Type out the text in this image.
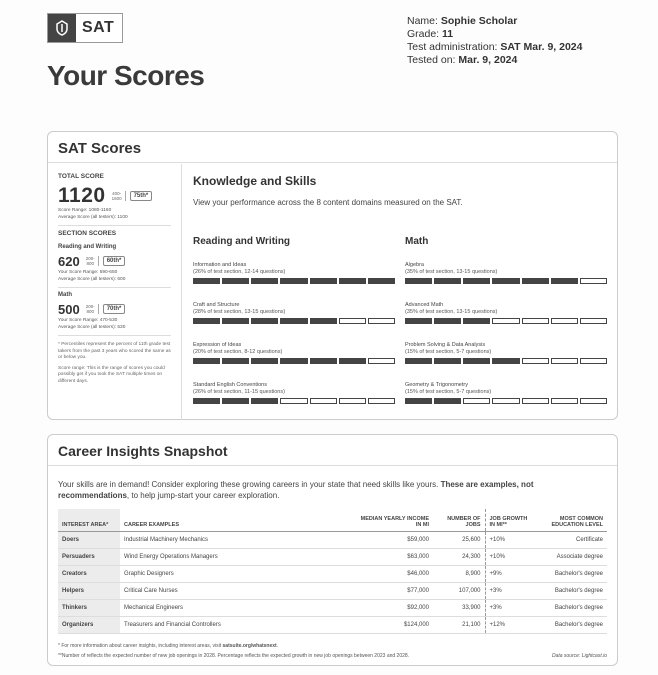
SAT	Name: Sophie Scholar
Grade: 11
Test administration: SAT Mar. 9, 2024
Tested on: Mar. 9, 2024
Your Scores
SAT Scores
TOTAL SCORE
1120 400-
1600	75th*
Score Range: 1080-1160
Average Score (all testers): 1100
SECTION SCORES
Reading and Writing
620 200-
800	60th*
Your Score Range: 590-650
Average Score (all testers): 600
Math
500 200-
800	70th*
Your Score Range: 470-530
Average Score (all testers): 530
* Percentiles represent the percent of 11th grade test takers from the past 3 years who scored the same as or below you.
Score range: This is the range of scores you could possibly get if you took the SAT multiple times on different days.
Knowledge and Skills
View your performance across the 8 content domains measured on the SAT.
Reading and Writing	Math
Information and Ideas
(26% of test section, 12-14 questions)
Craft and Structure
(28% of test section, 13-15 questions)
Expression of Ideas
(20% of test section, 8-12 questions)
Standard English Conventions
(26% of test section, 11-15 questions)
Algebra
(35% of test section, 13-15 questions)
Advanced Math
(35% of test section, 13-15 questions)
Problem Solving & Data Analysis
(15% of test section, 5-7 questions)
Geometry & Trigonometry
(15% of test section, 5-7 questions)
Career Insights Snapshot
Your skills are in demand! Consider exploring these growing careers in your state that need skills like yours. These are examples, not recommendations, to help jump-start your career exploration.
INTEREST AREA*	CAREER EXAMPLES	MEDIAN YEARLY INCOME IN MI	NUMBER OF JOBS	JOB GROWTH IN MI**	MOST COMMON EDUCATION LEVEL
Doers	Industrial Machinery Mechanics	$59,000	25,600	+10%	Certificate
Persuaders	Wind Energy Operations Managers	$63,000	24,300	+10%	Associate degree
Creators	Graphic Designers	$46,000	8,900	+9%	Bachelor's degree
Helpers	Critical Care Nurses	$77,000	107,000	+3%	Bachelor's degree
Thinkers	Mechanical Engineers	$92,000	33,900	+3%	Bachelor's degree
Organizers	Treasurers and Financial Controllers	$124,000	21,100	+12%	Bachelor's degree
* For more information about career insights, including interest areas, visit satsuite.org/whatsnext.
**Number of reflects the expected number of new job openings in 2028. Percentage reflects the expected growth in new job openings between 2023 and 2028.	Data source: Lightcast.io
